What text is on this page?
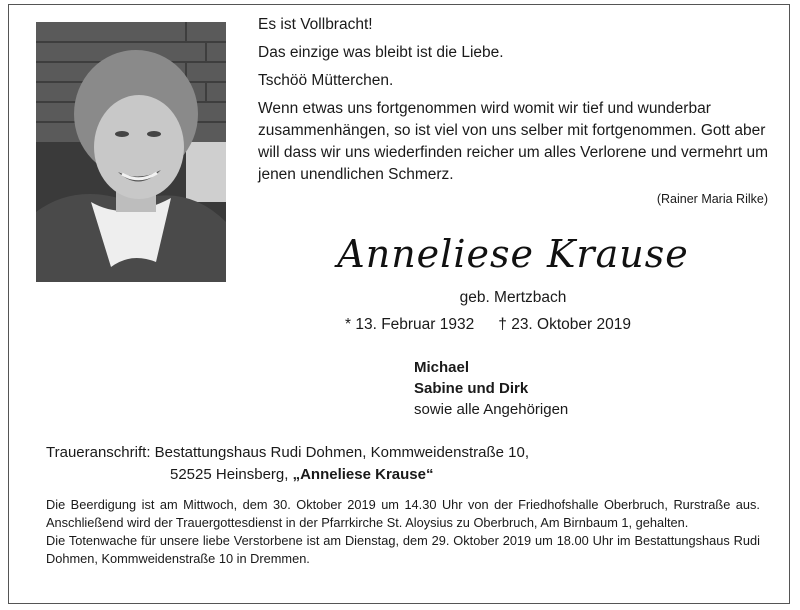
Es ist Vollbracht!

Das einzige was bleibt ist die Liebe.

Tschöö Mütterchen.

Wenn etwas uns fortgenommen wird womit wir tief und wunderbar zusammenhängen, so ist viel von uns selber mit fortgenommen. Gott aber will dass wir uns wiederfinden reicher um alles Verlorene und vermehrt um jenen unendlichen Schmerz.

(Rainer Maria Rilke)

Anneliese Krause
geb. Mertzbach
* 13. Februar 1932 † 23. Oktober 2019
Michael
Sabine und Dirk
sowie alle Angehörigen
Traueranschrift: Bestattungshaus Rudi Dohmen, Kommweidenstraße 10,
52525 Heinsberg, „Anneliese Krause“

Die Beerdigung ist am Mittwoch, dem 30. Oktober 2019 um 14.30 Uhr von der Friedhofshalle Oberbruch, Rurstraße aus. Anschließend wird der Trauergottesdienst in der Pfarrkirche St. Aloysius zu Oberbruch, Am Birnbaum 1, gehalten.

Die Totenwache für unsere liebe Verstorbene ist am Dienstag, dem 29. Oktober 2019 um 18.00 Uhr im Bestattungshaus Rudi Dohmen, Kommweidenstraße 10 in Dremmen.
